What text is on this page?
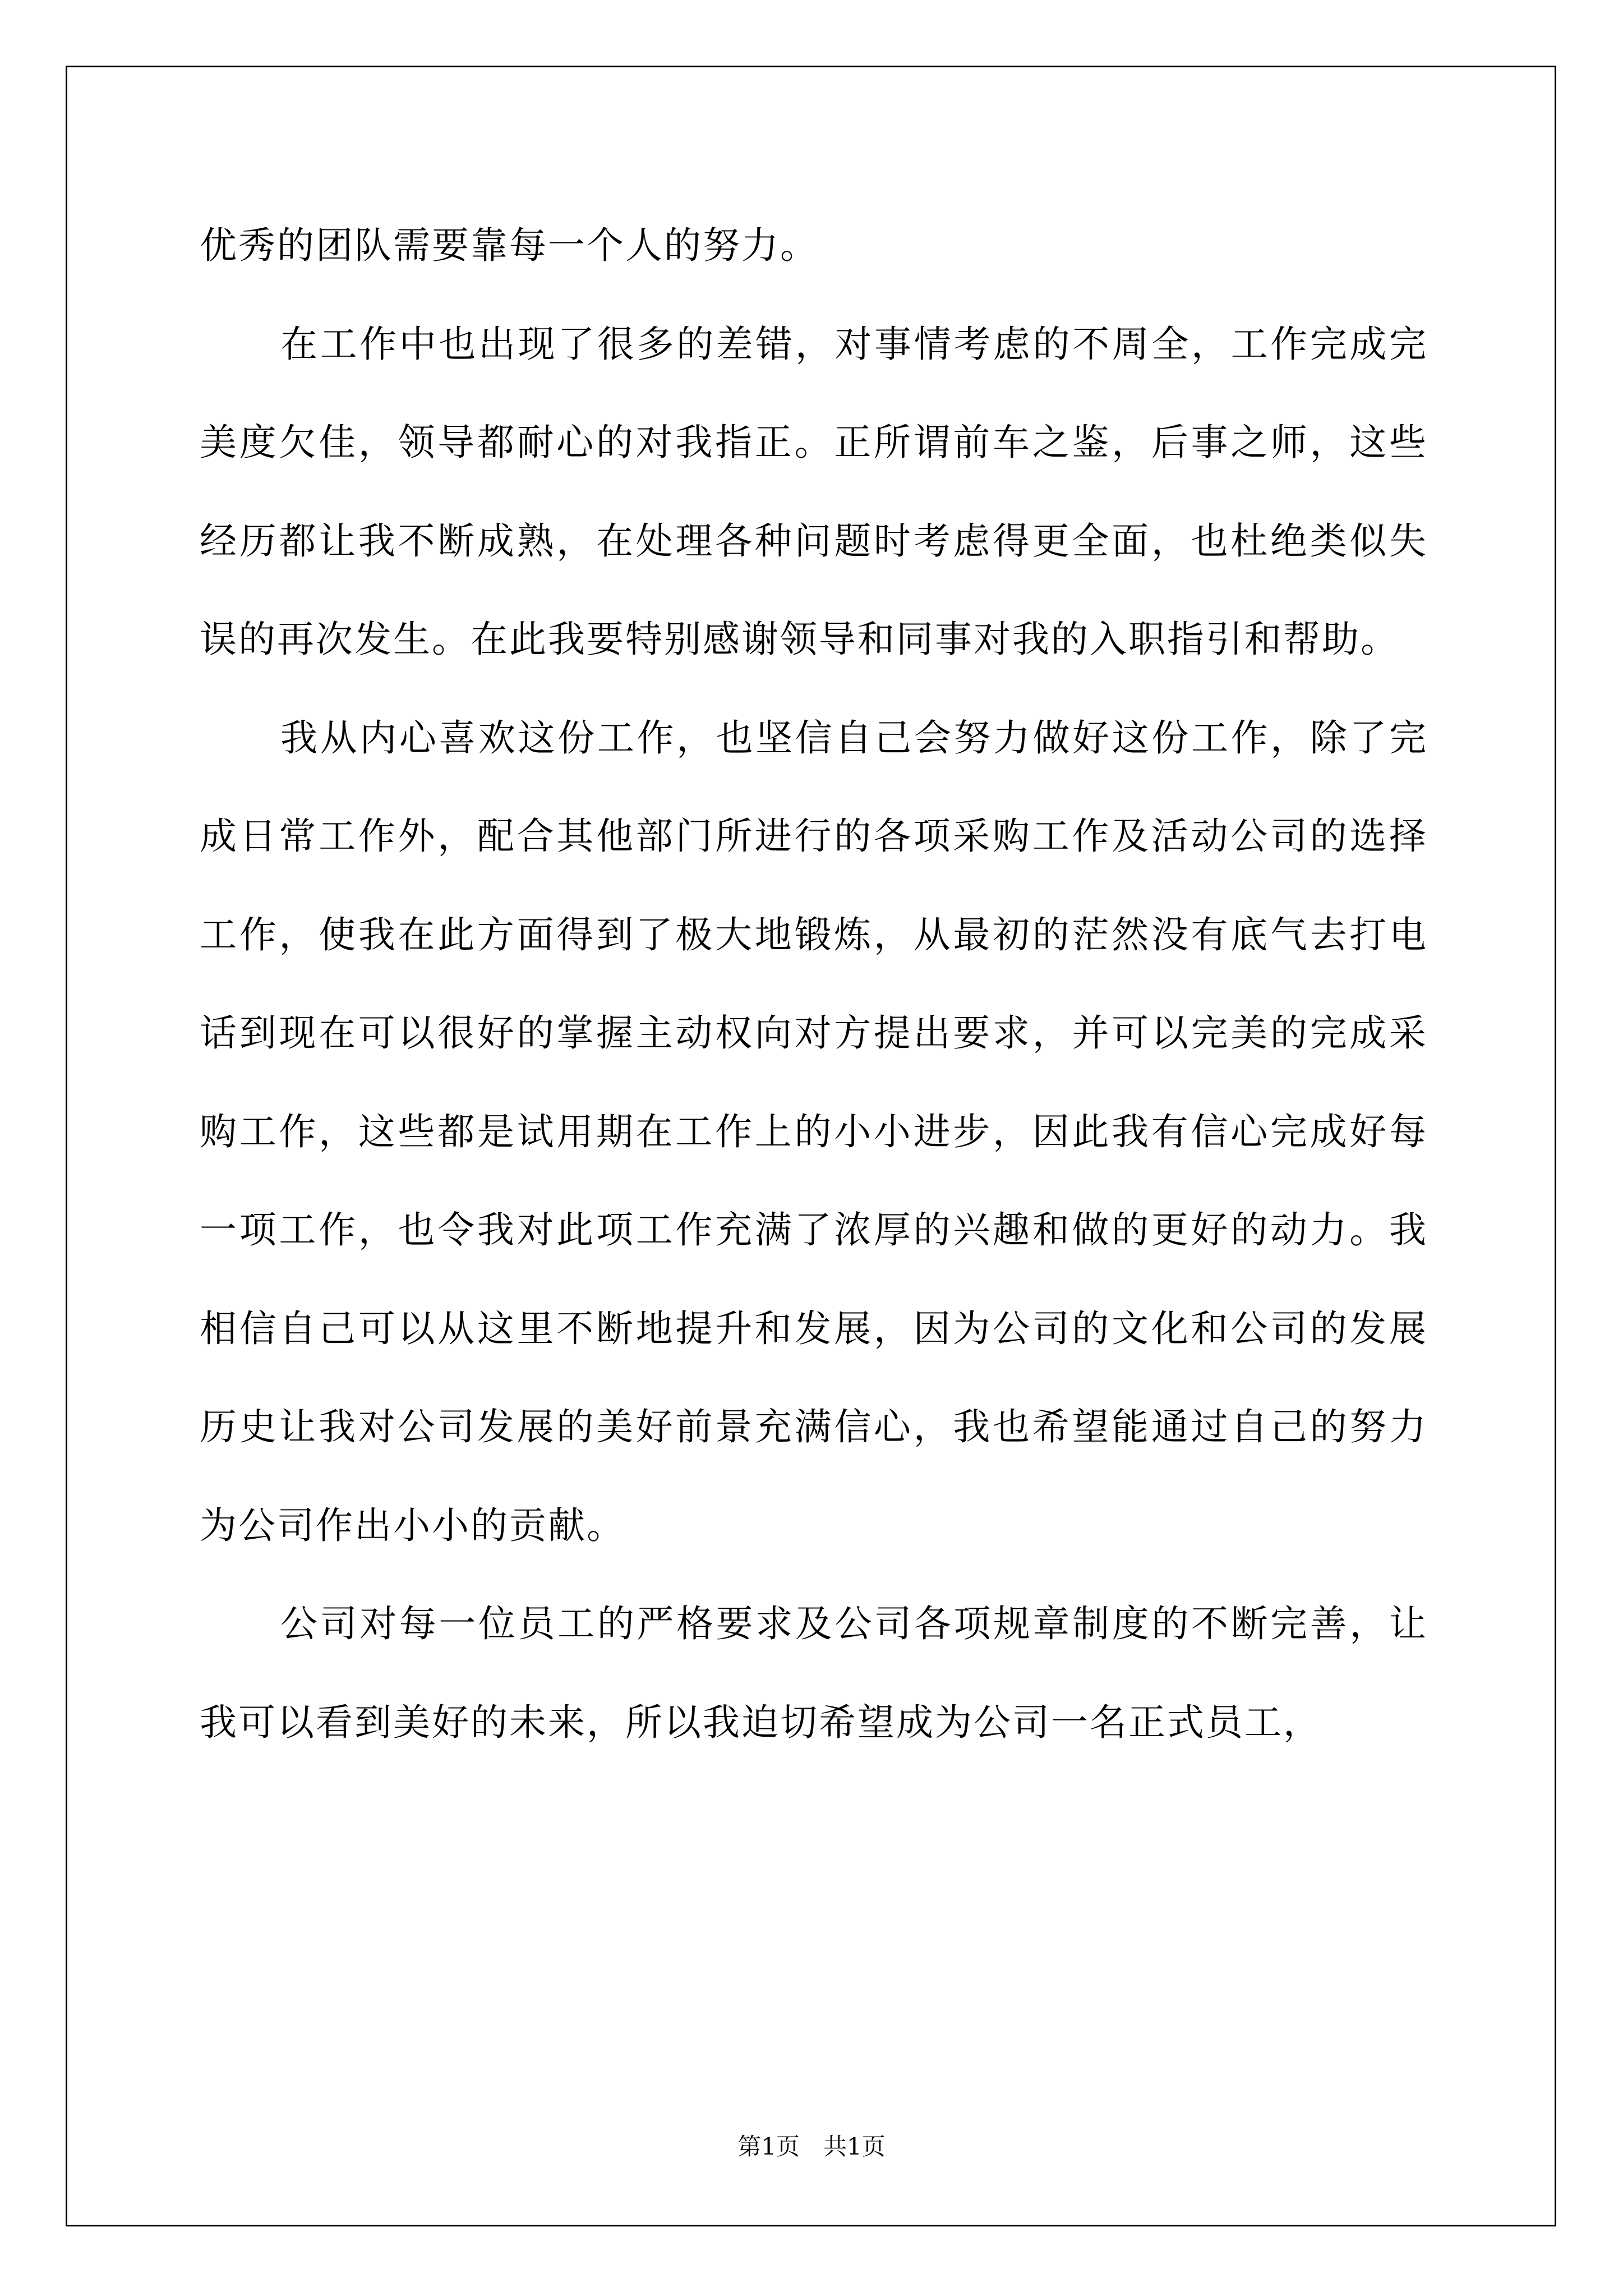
优秀的团队需要靠每一个人的努力。

在工作中也出现了很多的差错，对事情考虑的不周全，工作完成完美度欠佳，领导都耐心的对我指正。正所谓前车之鉴，后事之师，这些经历都让我不断成熟，在处理各种问题时考虑得更全面，也杜绝类似失误的再次发生。在此我要特别感谢领导和同事对我的入职指引和帮助。

我从内心喜欢这份工作，也坚信自己会努力做好这份工作，除了完成日常工作外，配合其他部门所进行的各项采购工作及活动公司的选择工作，使我在此方面得到了极大地锻炼，从最初的茫然没有底气去打电话到现在可以很好的掌握主动权向对方提出要求，并可以完美的完成采购工作，这些都是试用期在工作上的小小进步，因此我有信心完成好每一项工作，也令我对此项工作充满了浓厚的兴趣和做的更好的动力。我相信自己可以从这里不断地提升和发展，因为公司的文化和公司的发展历史让我对公司发展的美好前景充满信心，我也希望能通过自己的努力为公司作出小小的贡献。

公司对每一位员工的严格要求及公司各项规章制度的不断完善，让我可以看到美好的未来，所以我迫切希望成为公司一名正式员工，

第1页 共1页
